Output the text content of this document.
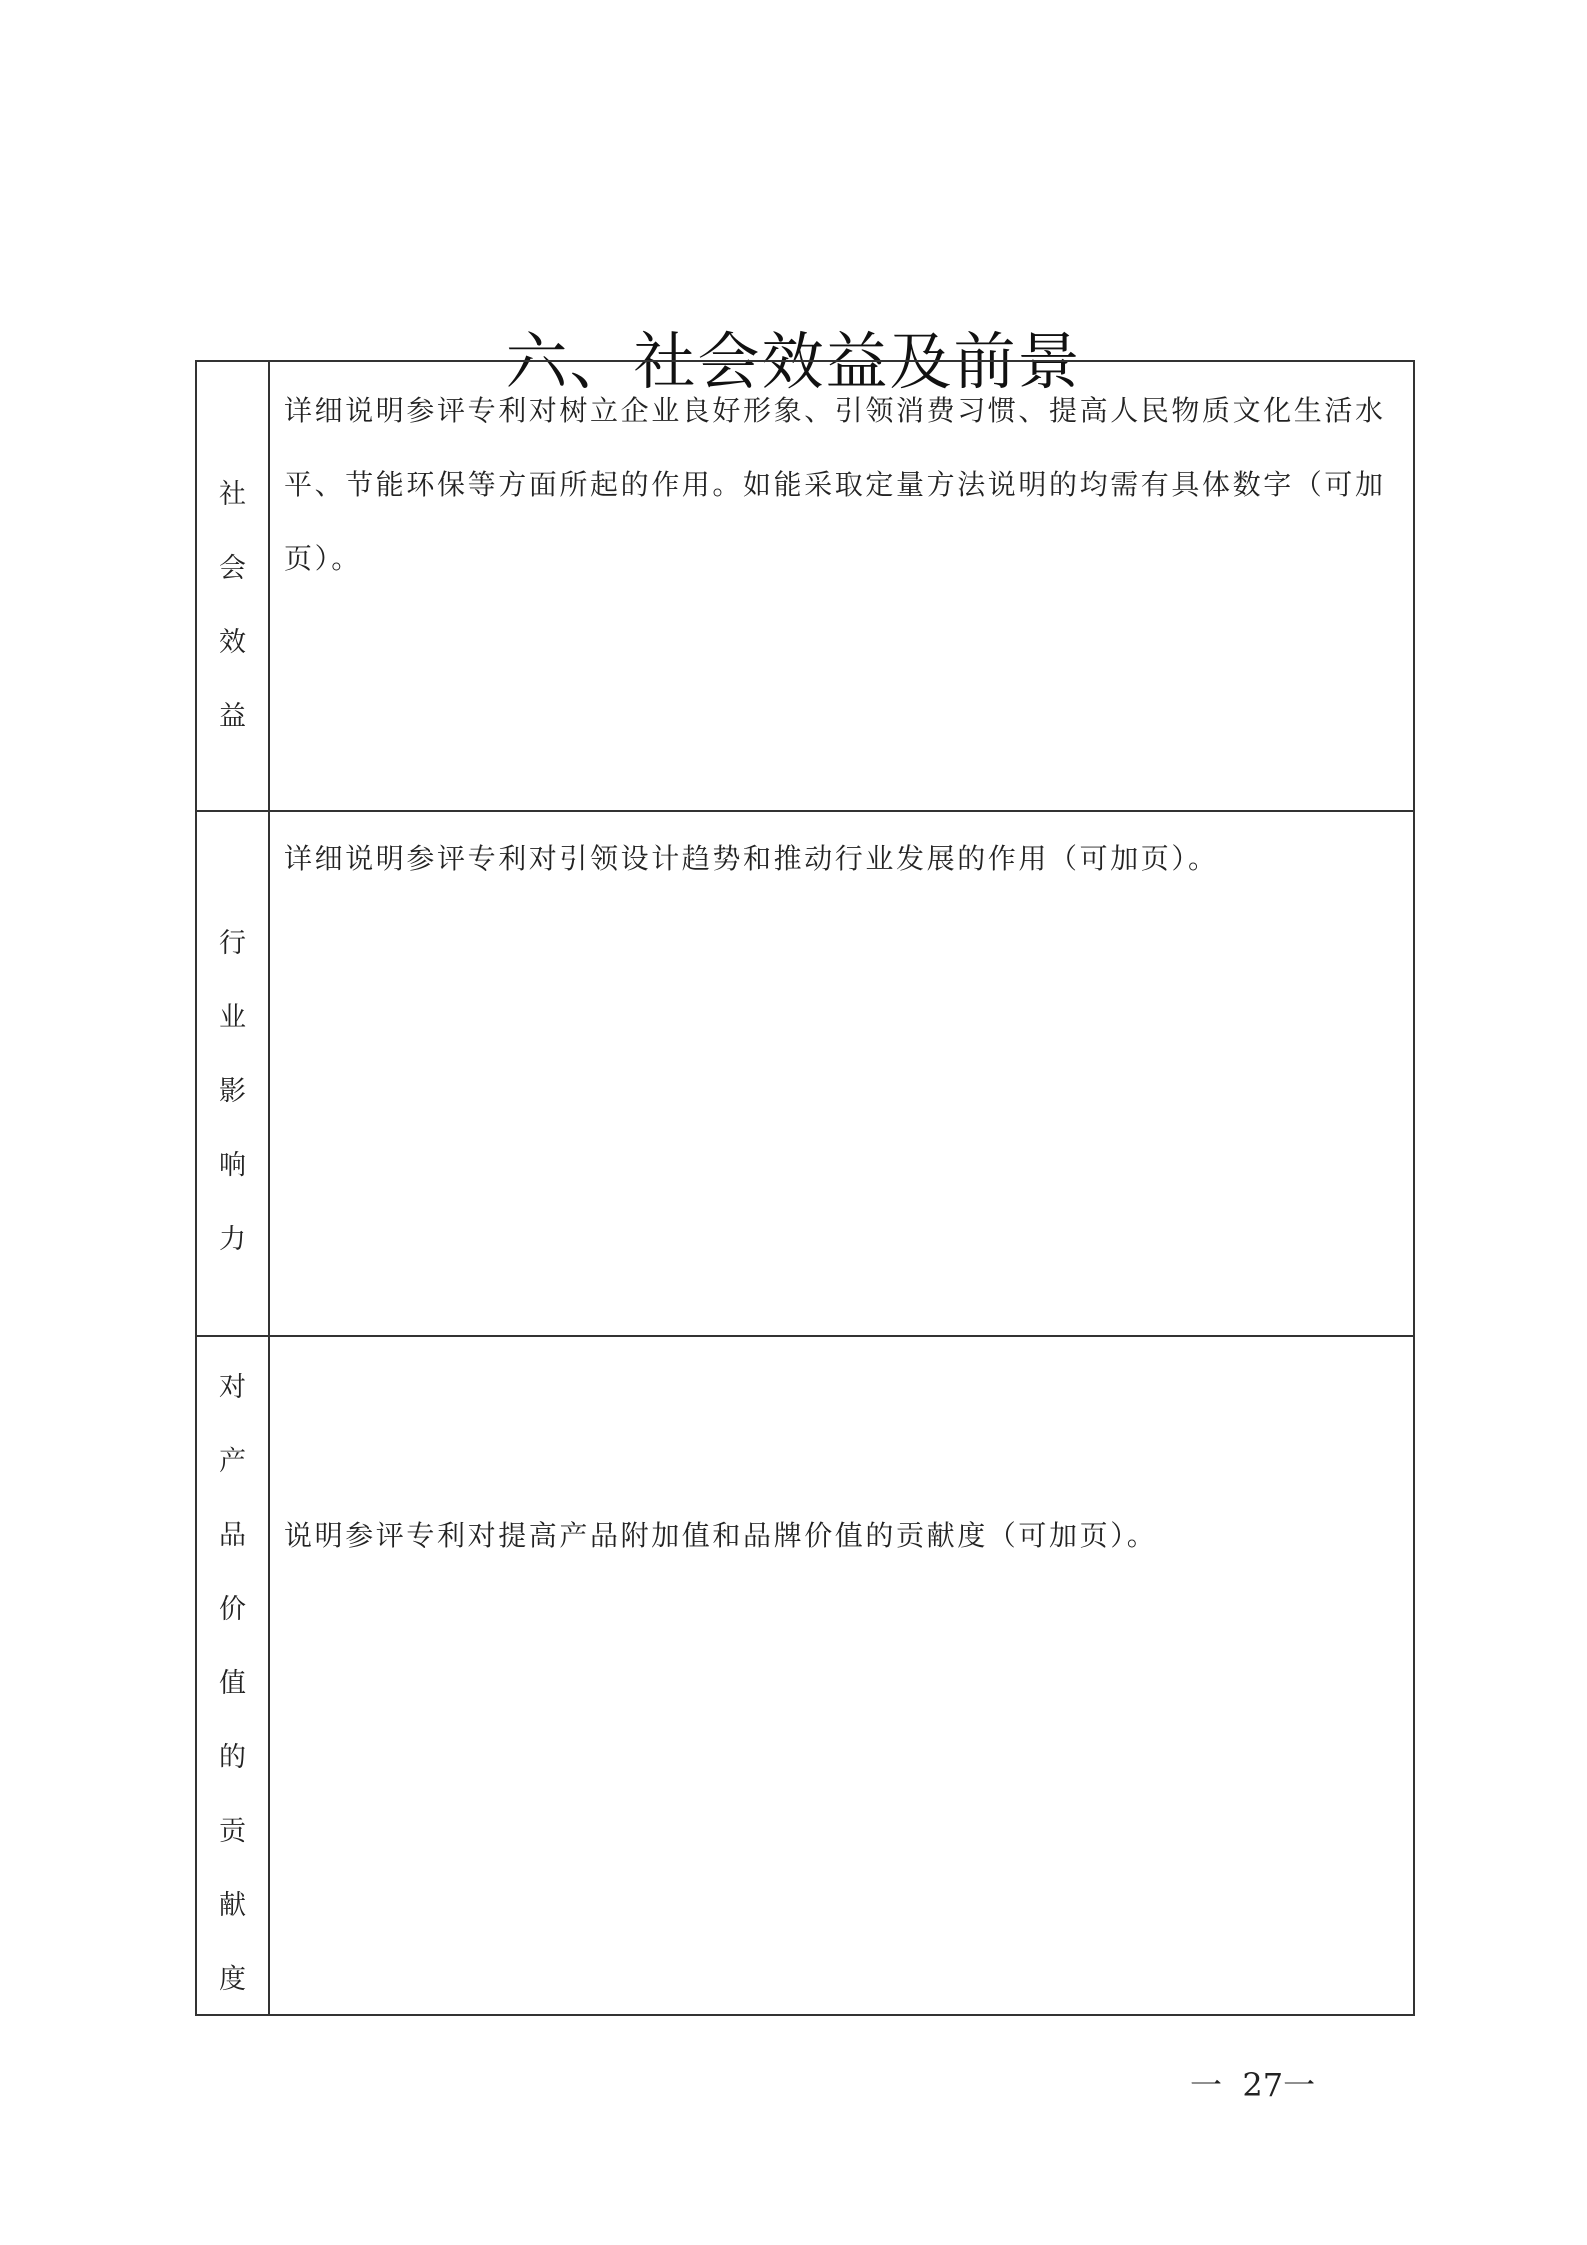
六、社会效益及前景
社
会
效
益

详细说明参评专利对树立企业良好形象、引领消费习惯、提高人民物质文化生活水平、节能环保等方面所起的作用。如能采取定量方法说明的均需有具体数字（可加页）。

行
业
影
响
力

详细说明参评专利对引领设计趋势和推动行业发展的作用（可加页）。

对
产
品
价
值
的
贡
献
度

说明参评专利对提高产品附加值和品牌价值的贡献度（可加页）。

一  27一
